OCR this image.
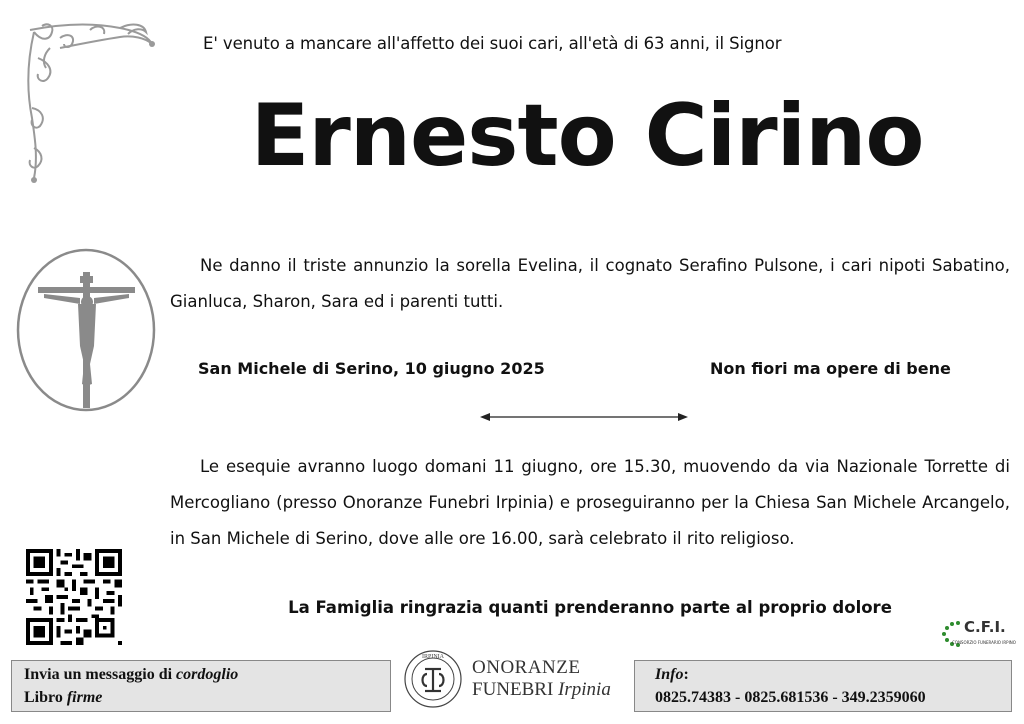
E' venuto a mancare all'affetto dei suoi cari, all'età di 63 anni, il Signor
Ernesto Cirino
Ne danno il triste annunzio la sorella Evelina, il cognato Serafino Pulsone, i cari nipoti Sabatino, Gianluca, Sharon, Sara ed i parenti tutti.
San Michele di Serino, 10 giugno 2025	Non fiori ma opere di bene
Le esequie avranno luogo domani 11 giugno, ore 15.30, muovendo da via Nazionale Torrette di Mercogliano (presso Onoranze Funebri Irpinia) e proseguiranno per la Chiesa San Michele Arcangelo, in San Michele di Serino, dove alle ore 16.00, sarà celebrato il rito religioso.
La Famiglia ringrazia quanti prenderanno parte al proprio dolore
C.F.I.
CONSORZIO FUNERARIO IRPINO
Invia un messaggio di cordoglio
Libro firme
IRPINIA ONORANZE
FUNEBRI Irpinia
Info:
0825.74383 - 0825.681536 - 349.2359060
